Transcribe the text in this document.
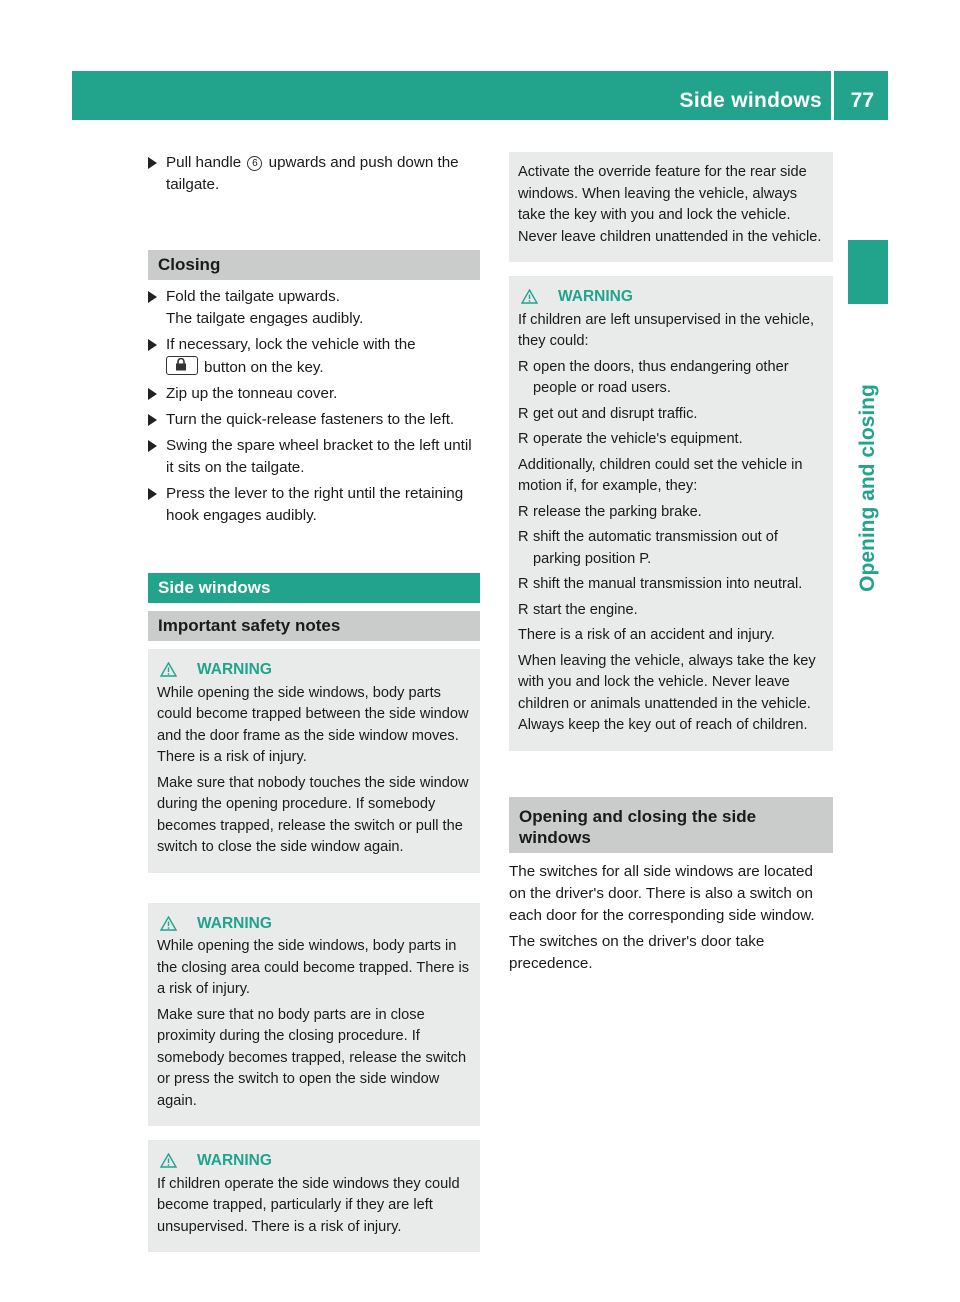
Side windows 77
Opening and closing
Pull handle 6 upwards and push down the tailgate.
Closing
Fold the tailgate upwards.
The tailgate engages audibly.
If necessary, lock the vehicle with the
button on the key.
Zip up the tonneau cover.
Turn the quick-release fasteners to the left.
Swing the spare wheel bracket to the left until it sits on the tailgate.
Press the lever to the right until the retaining hook engages audibly.
Side windows
Important safety notes
WARNING

While opening the side windows, body parts could become trapped between the side window and the door frame as the side window moves. There is a risk of injury.

Make sure that nobody touches the side window during the opening procedure. If somebody becomes trapped, release the switch or pull the switch to close the side window again.

WARNING

While opening the side windows, body parts in the closing area could become trapped. There is a risk of injury.

Make sure that no body parts are in close proximity during the closing procedure. If somebody becomes trapped, release the switch or press the switch to open the side window again.

WARNING

If children operate the side windows they could become trapped, particularly if they are left unsupervised. There is a risk of injury.

Activate the override feature for the rear side windows. When leaving the vehicle, always take the key with you and lock the vehicle. Never leave children unattended in the vehicle.

WARNING

If children are left unsupervised in the vehicle, they could:

R open the doors, thus endangering other people or road users.
R get out and disrupt traffic.
R operate the vehicle's equipment.

Additionally, children could set the vehicle in motion if, for example, they:

R release the parking brake.
R shift the automatic transmission out of parking position P.
R shift the manual transmission into neutral.
R start the engine.

There is a risk of an accident and injury.

When leaving the vehicle, always take the key with you and lock the vehicle. Never leave children or animals unattended in the vehicle. Always keep the key out of reach of children.

Opening and closing the side windows

The switches for all side windows are located on the driver's door. There is also a switch on each door for the corresponding side window.

The switches on the driver's door take precedence.
